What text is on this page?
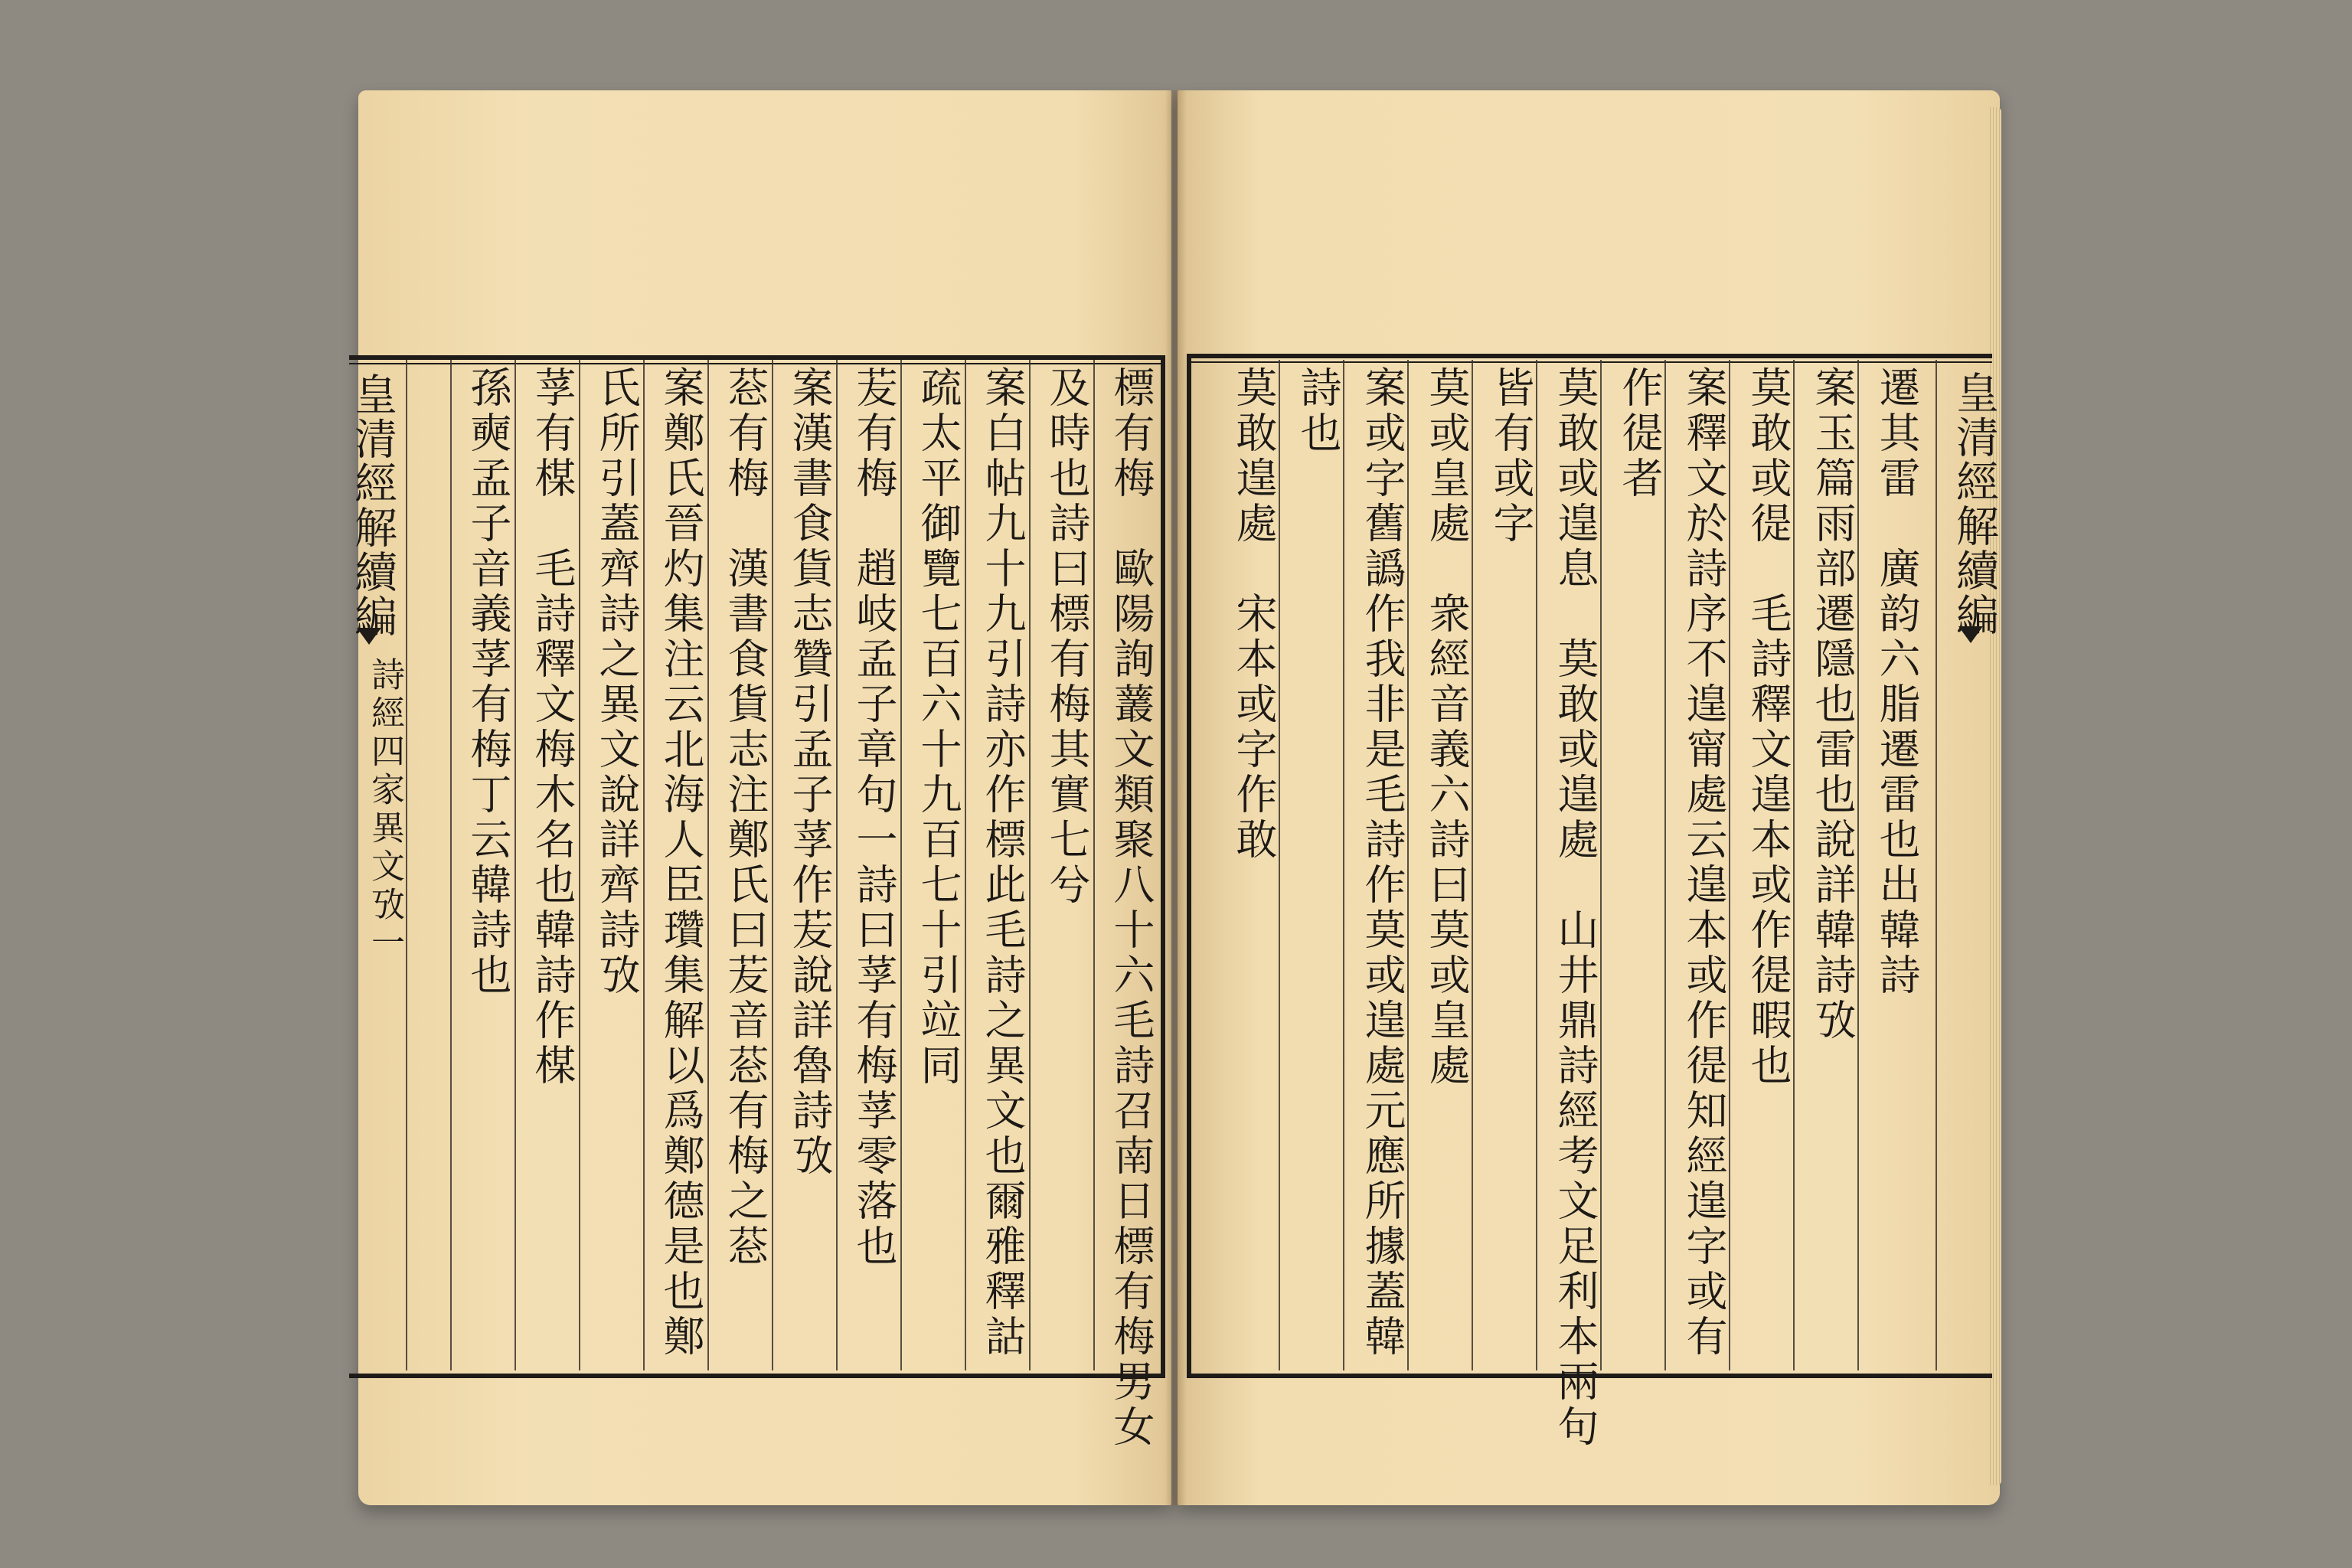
皇清經解續編
詩經四家異文攷一	標有梅　歐陽詢䕺文類聚八十六毛詩召南日標有梅男女
及時也詩曰標有梅其實七兮
案白帖九十九引詩亦作標此毛詩之異文也爾雅釋詁
疏太平御覽七百六十九百七十引竝同
苃有梅　趙岐孟子章句一詩曰莩有梅莩零落也
案漢書食貨志贊引孟子莩作苃說詳魯詩攷
䓗有梅　漢書食貨志注鄭氏曰苃音䓗有梅之䓗
案鄭氏晉灼集注云北海人臣瓚集解以爲鄭德是也鄭
氏所引蓋齊詩之異文說詳齊詩攷
莩有楳　毛詩釋文梅木名也韓詩作楳
孫奭孟子音義莩有梅丁云韓詩也	皇清經解續編
遷其雷　廣韵六脂遷雷也出韓詩
案玉篇雨部遷隱也雷也說詳韓詩攷
莫敢或徥　毛詩釋文遑本或作徥暇也
案釋文於詩序不遑甯處云遑本或作徥知經遑字或有
作徥者
莫敢或遑息　莫敢或遑處　山井鼎詩經考文足利本兩句
皆有或字
莫或皇處　衆經音義六詩曰莫或皇處
案或字舊譌作我非是毛詩作莫或遑處元應所據蓋韓
詩也
莫敢遑處　宋本或字作敢
